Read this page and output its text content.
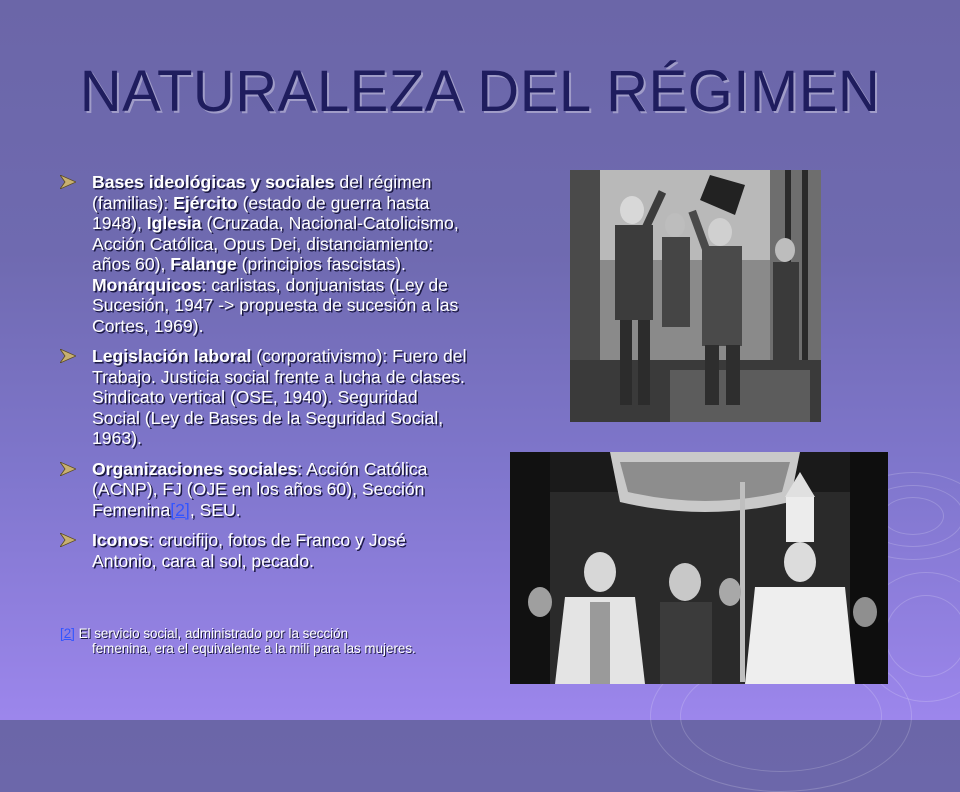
NATURALEZA DEL RÉGIMEN
Bases ideológicas y sociales del régimen (familias): Ejército (estado de guerra hasta 1948), Iglesia (Cruzada, Nacional-Catolicismo, Acción Católica, Opus Dei, distanciamiento: años 60), Falange (principios fascistas). Monárquicos: carlistas, donjuanistas (Ley de Sucesión, 1947 -> propuesta de sucesión a las Cortes, 1969).
Legislación laboral (corporativismo): Fuero del Trabajo. Justicia social frente a lucha de clases. Sindicato vertical (OSE, 1940). Seguridad Social (Ley de Bases de la Seguridad Social, 1963).
Organizaciones sociales: Acción Católica (ACNP), FJ (OJE en los años 60), Sección Femenina[2], SEU.
Iconos: crucifijo, fotos de Franco y José Antonio, cara al sol, pecado.
[2] El servicio social, administrado por la sección
femenina, era el equivalente a la mili para las mujeres.
